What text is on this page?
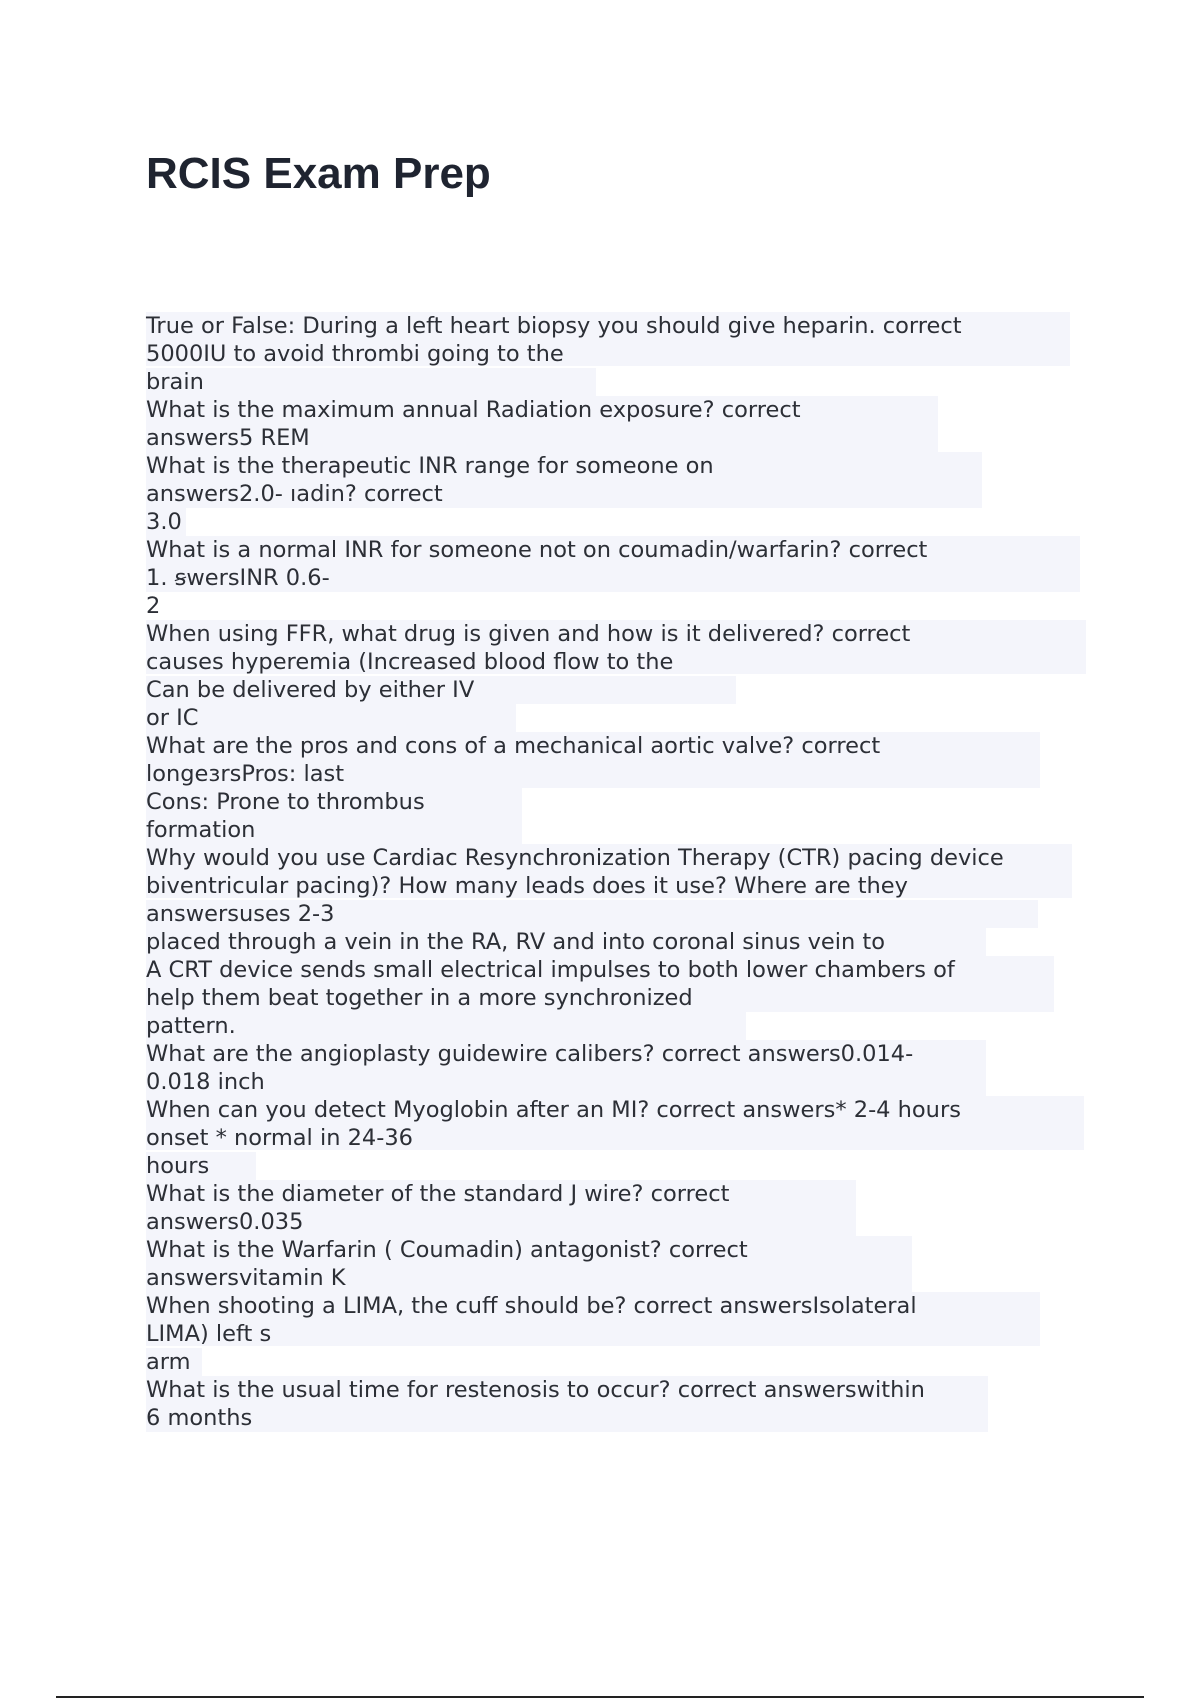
RCIS Exam Prep
True or False: During a left heart biopsy you should give heparin. correct
5000IU to avoid thrombi going to the
brain
What is the maximum annual Radiation exposure? correct
answers5 REM
What is the therapeutic INR range for someone on
answers2.0- ıadin? correct
3.0
What is a normal INR for someone not on coumadin/warfarin? correct
1. ꞩwersINR 0.6-
2
When using FFR, what drug is given and how is it delivered? correct
causes hyperemia (Increased blood flow to the
Can be delivered by either IV
or IC
What are the pros and cons of a mechanical aortic valve? correct
longeɜrsPros: last
Cons: Prone to thrombus
formation
Why would you use Cardiac Resynchronization Therapy (CTR) pacing device
biventricular pacing)? How many leads does it use? Where are they
answersuses 2-3
placed through a vein in the RA, RV and into coronal sinus vein to
A CRT device sends small electrical impulses to both lower chambers of
help them beat together in a more synchronized
pattern.
What are the angioplasty guidewire calibers? correct answers0.014-
0.018 inch
When can you detect Myoglobin after an MI? correct answers* 2-4 hours
onset * normal in 24-36
hours
What is the diameter of the standard J wire? correct
answers0.035
What is the Warfarin ( Coumadin) antagonist? correct
answersvitamin K
When shooting a LIMA, the cuff should be? correct answersIsolateral
LIMA) left s
arm
What is the usual time for restenosis to occur? correct answerswithin
6 months
